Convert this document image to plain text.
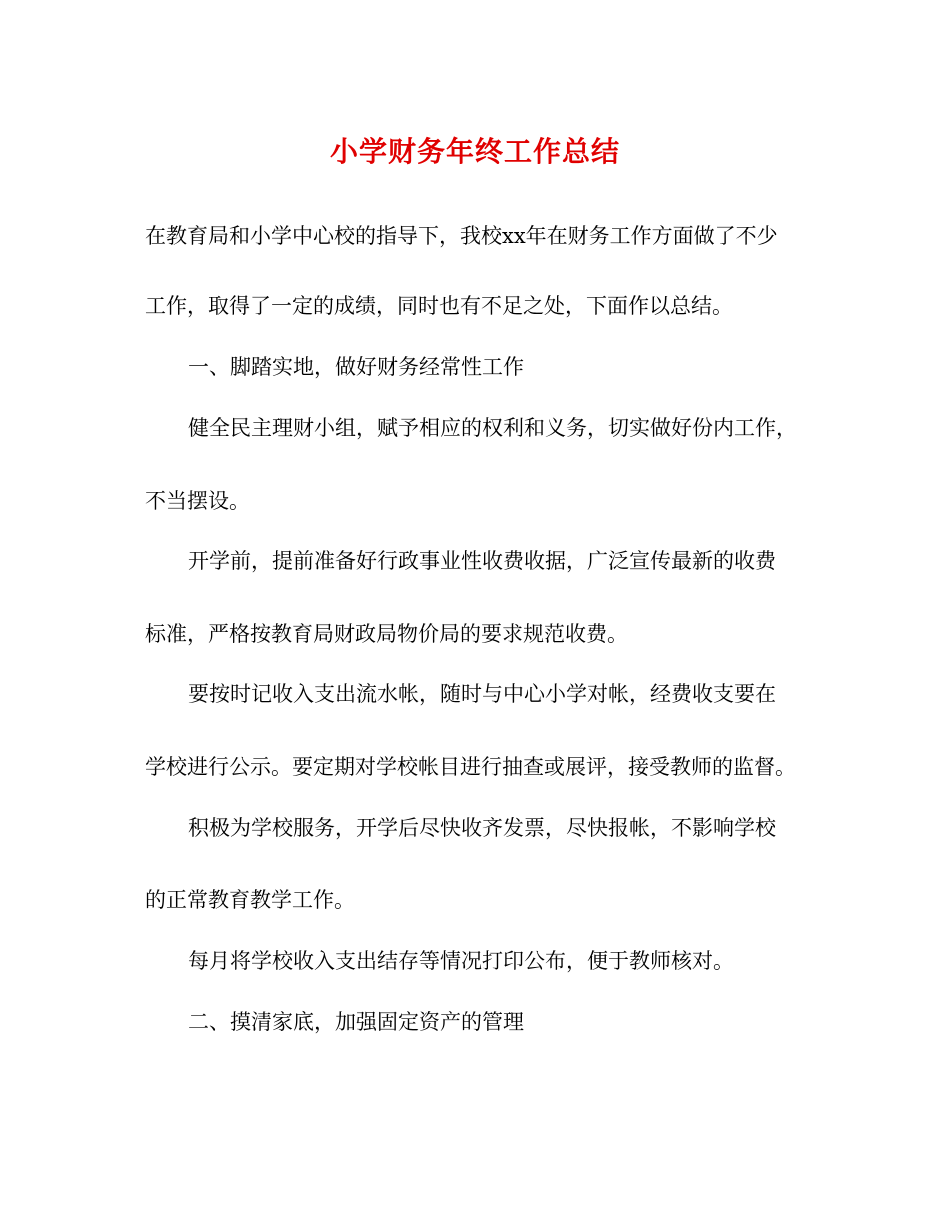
小学财务年终工作总结
在教育局和小学中心校的指导下，我校xx年在财务工作方面做了不少
工作，取得了一定的成绩，同时也有不足之处，下面作以总结。
一、脚踏实地，做好财务经常性工作
健全民主理财小组，赋予相应的权利和义务，切实做好份内工作，
不当摆设。
开学前，提前准备好行政事业性收费收据，广泛宣传最新的收费
标准，严格按教育局财政局物价局的要求规范收费。
要按时记收入支出流水帐，随时与中心小学对帐，经费收支要在
学校进行公示。要定期对学校帐目进行抽查或展评，接受教师的监督。
积极为学校服务，开学后尽快收齐发票，尽快报帐，不影响学校
的正常教育教学工作。
每月将学校收入支出结存等情况打印公布，便于教师核对。
二、摸清家底，加强固定资产的管理
